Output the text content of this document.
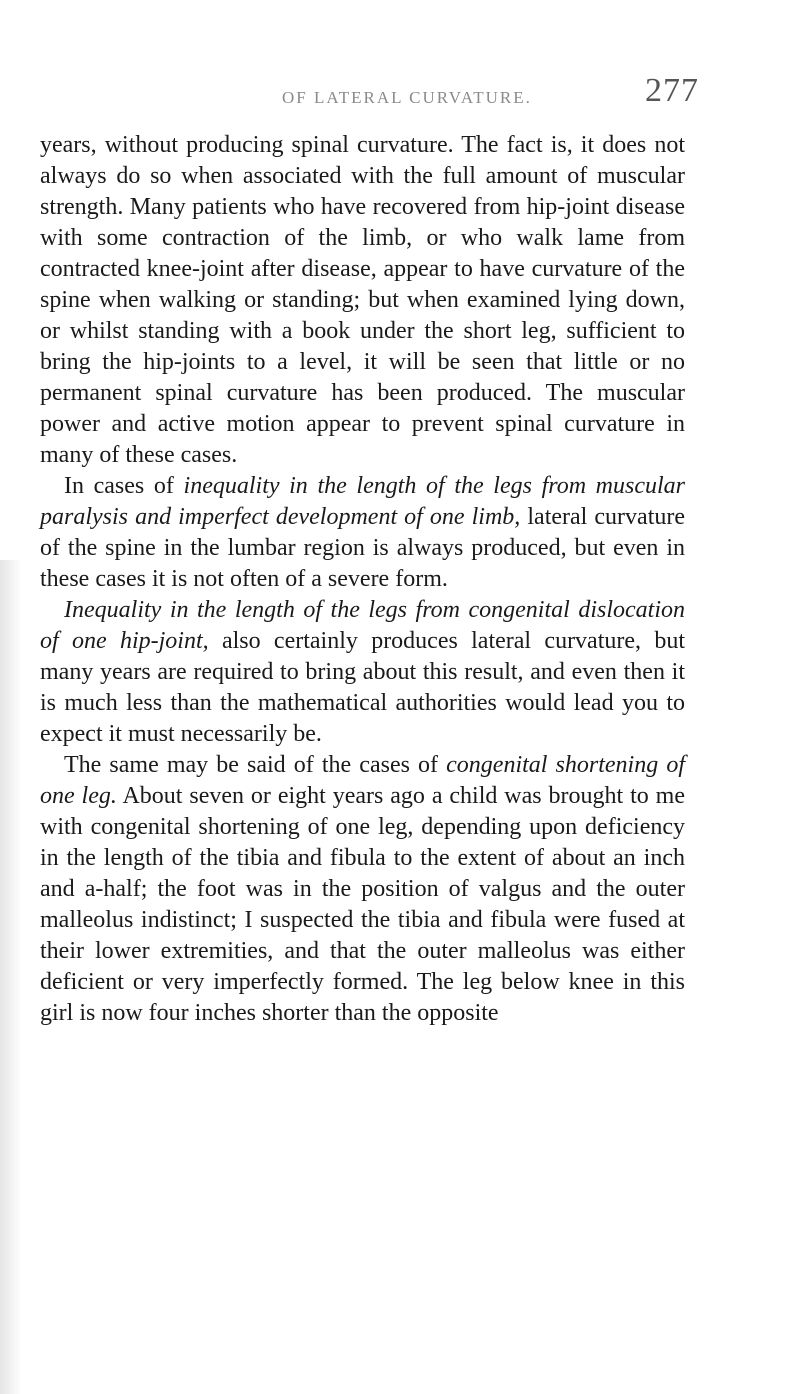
OF LATERAL CURVATURE.	277

years, without producing spinal curvature. The fact is, it does not always do so when associated with the full amount of muscular strength. Many patients who have recovered from hip-joint disease with some contraction of the limb, or who walk lame from contracted knee-joint after disease, appear to have curvature of the spine when walking or standing; but when examined lying down, or whilst standing with a book under the short leg, sufficient to bring the hip-joints to a level, it will be seen that little or no permanent spinal curvature has been produced. The muscular power and active motion appear to prevent spinal curvature in many of these cases.

In cases of inequality in the length of the legs from muscular paralysis and imperfect development of one limb, lateral curvature of the spine in the lumbar region is always produced, but even in these cases it is not often of a severe form.

Inequality in the length of the legs from congenital dislocation of one hip-joint, also certainly produces lateral curvature, but many years are required to bring about this result, and even then it is much less than the mathematical authorities would lead you to expect it must necessarily be.

The same may be said of the cases of congenital shortening of one leg. About seven or eight years ago a child was brought to me with congenital shortening of one leg, depending upon deficiency in the length of the tibia and fibula to the extent of about an inch and a-half; the foot was in the position of valgus and the outer malleolus indistinct; I suspected the tibia and fibula were fused at their lower extremities, and that the outer malleolus was either deficient or very imperfectly formed. The leg below knee in this girl is now four inches shorter than the opposite
